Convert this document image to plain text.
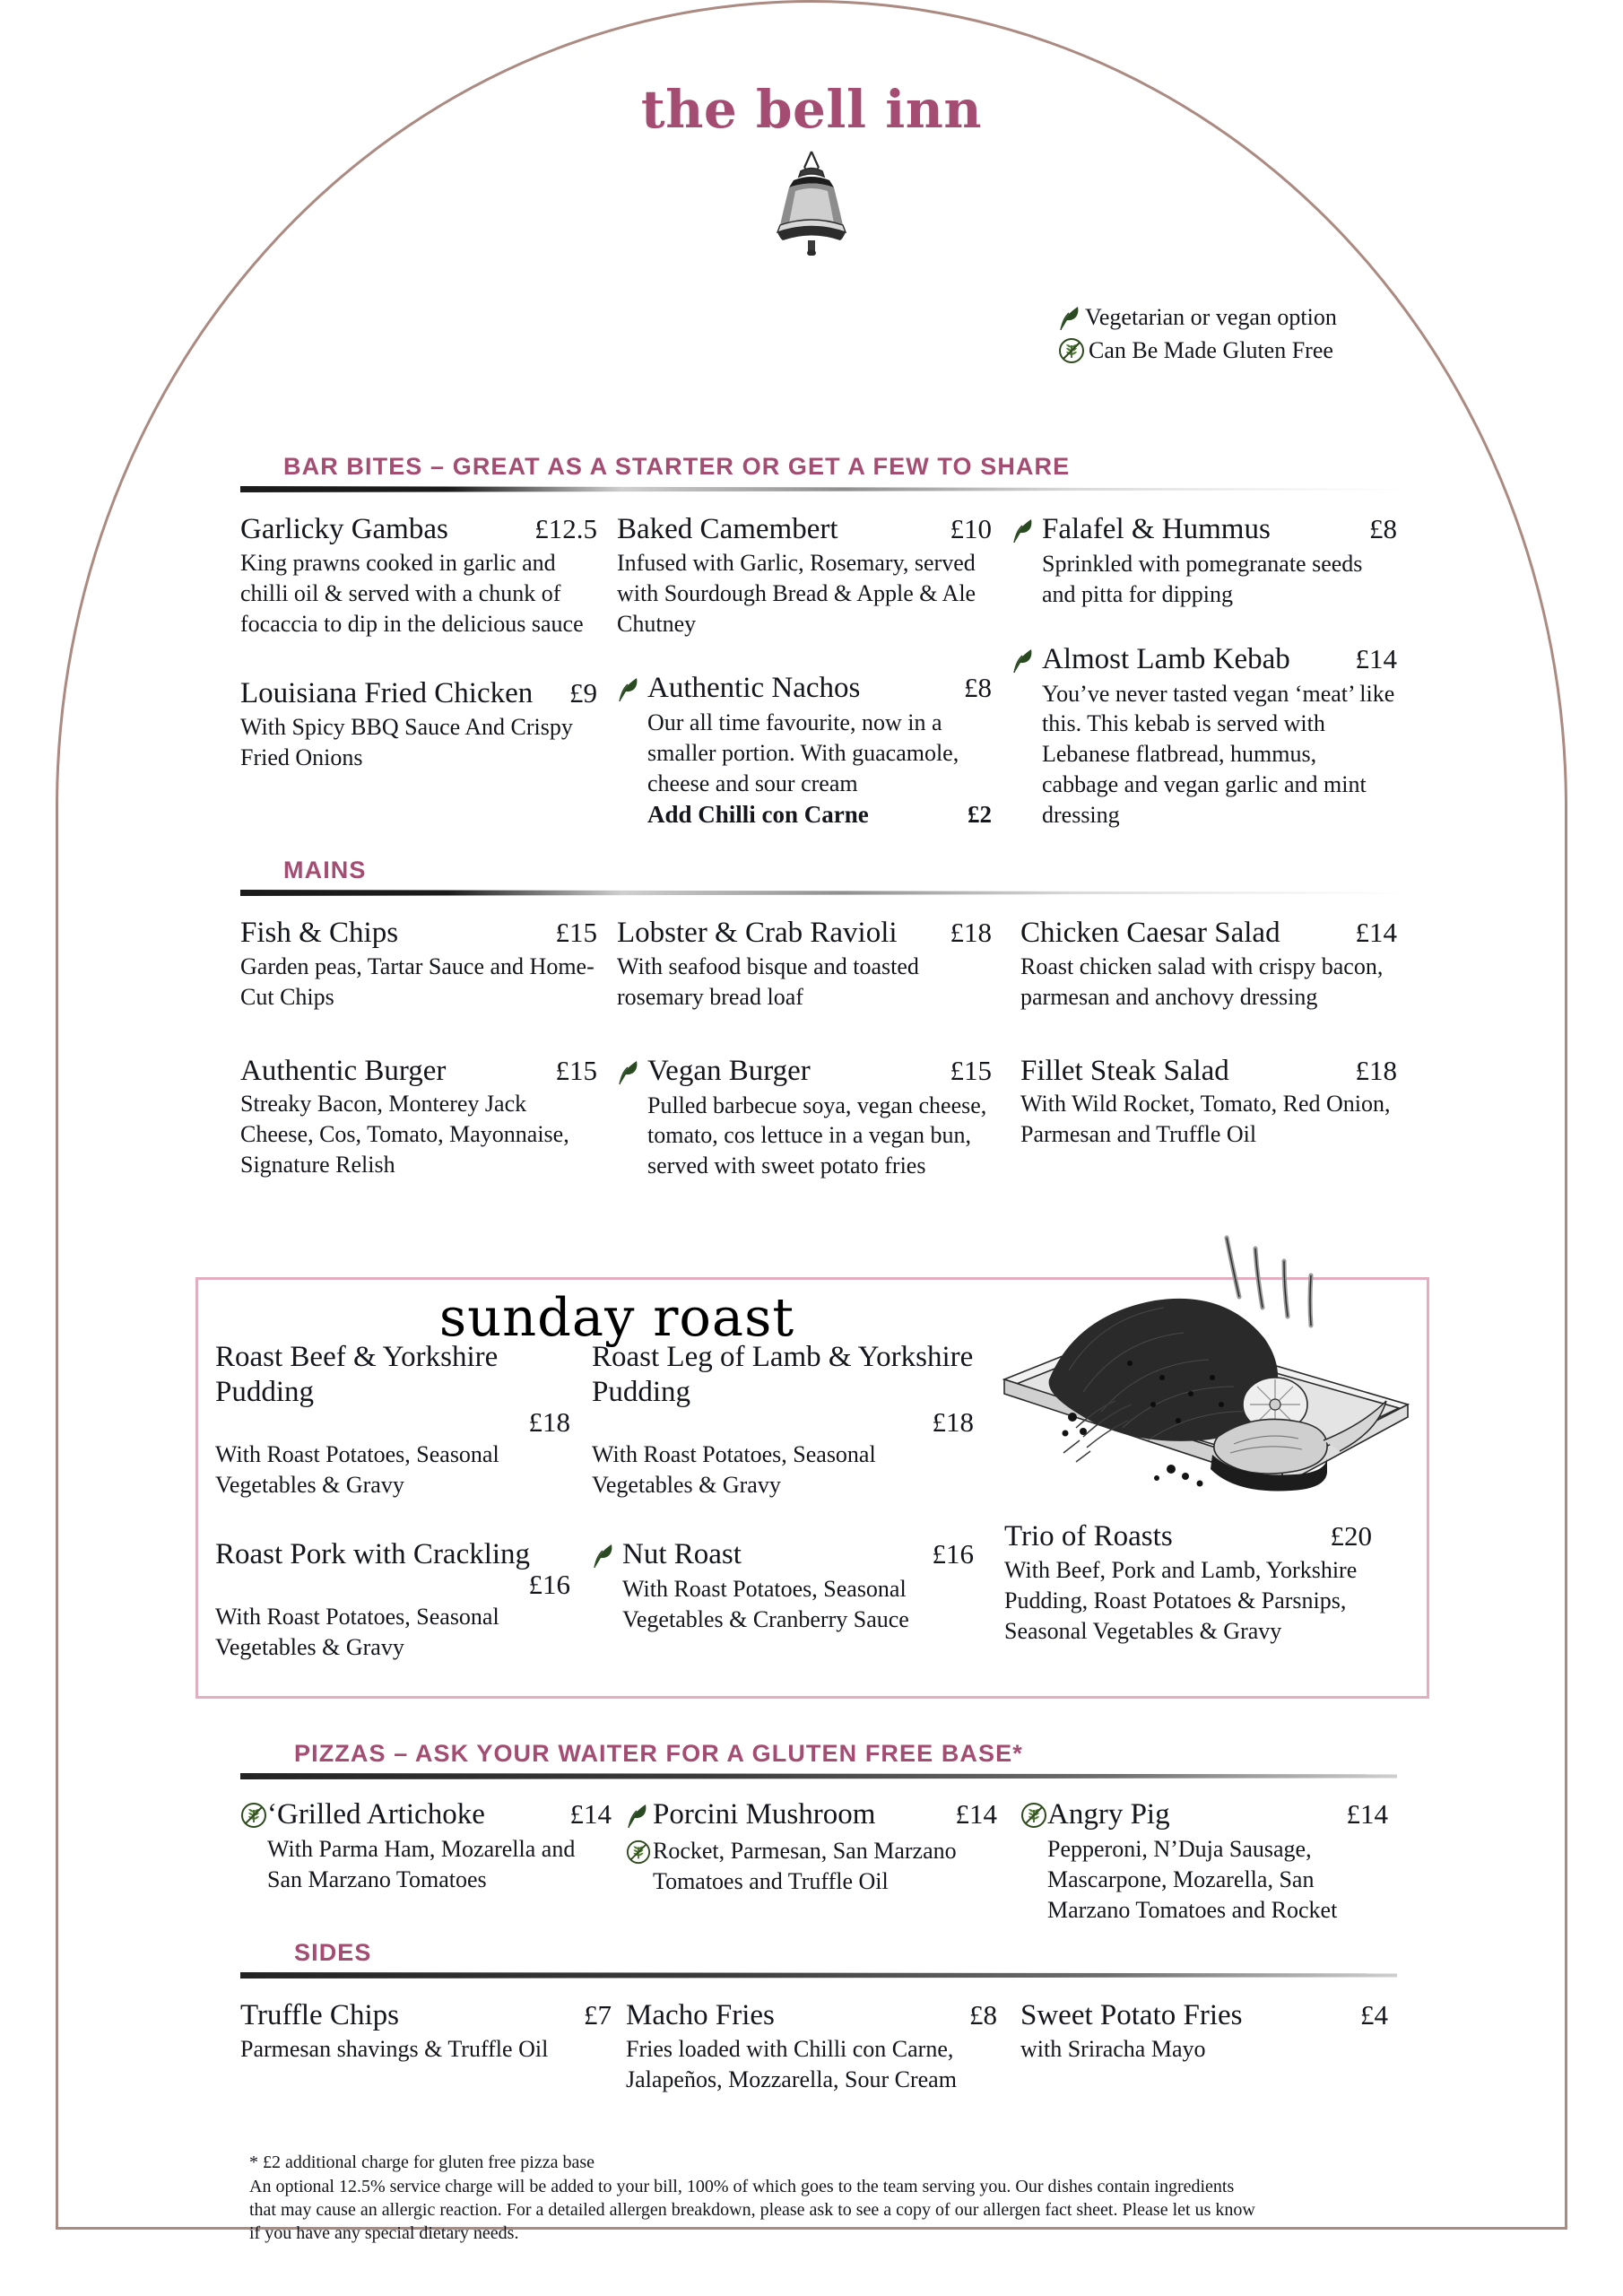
the bell inn
Vegetarian or vegan option
Can Be Made Gluten Free
BAR BITES – GREAT AS A STARTER OR GET A FEW TO SHARE
Garlicky Gambas	£12.5
King prawns cooked in garlic and chilli oil & served with a chunk of focaccia to dip in the delicious sauce
Louisiana Fried Chicken £9
With Spicy BBQ Sauce And Crispy Fried Onions
Baked Camembert	£10
Infused with Garlic, Rosemary, served with Sourdough Bread & Apple & Ale Chutney
Authentic Nachos	£8
Our all time favourite, now in a smaller portion. With guacamole, cheese and sour cream
Add Chilli con Carne	£2
Falafel & Hummus	£8
Sprinkled with pomegranate seeds and pitta for dipping
Almost Lamb Kebab £14
You’ve never tasted vegan ‘meat’ like this. This kebab is served with Lebanese flatbread, hummus, cabbage and vegan garlic and mint dressing
MAINS
Fish & Chips	£15
Garden peas, Tartar Sauce and Home-Cut Chips
Authentic Burger	£15
Streaky Bacon, Monterey Jack Cheese, Cos, Tomato, Mayonnaise, Signature Relish
Lobster & Crab Ravioli £18
With seafood bisque and toasted rosemary bread loaf
Vegan Burger	£15
Pulled barbecue soya, vegan cheese, tomato, cos lettuce in a vegan bun, served with sweet potato fries
Chicken Caesar Salad	£14
Roast chicken salad with crispy bacon, parmesan and anchovy dressing
Fillet Steak Salad	£18
With Wild Rocket, Tomato, Red Onion, Parmesan and Truffle Oil
sunday roast
Roast Beef & Yorkshire Pudding
£18
With Roast Potatoes, Seasonal Vegetables & Gravy
Roast Pork with Crackling
£16
With Roast Potatoes, Seasonal Vegetables & Gravy
Roast Leg of Lamb & Yorkshire Pudding
£18
With Roast Potatoes, Seasonal Vegetables & Gravy
Nut Roast	£16
With Roast Potatoes, Seasonal Vegetables & Cranberry Sauce
Trio of Roasts	£20
With Beef, Pork and Lamb, Yorkshire Pudding, Roast Potatoes & Parsnips, Seasonal Vegetables & Gravy
PIZZAS – ASK YOUR WAITER FOR A GLUTEN FREE BASE*
‘Grilled Artichoke	£14
With Parma Ham, Mozarella and San Marzano Tomatoes
Porcini Mushroom	£14
Rocket, Parmesan, San Marzano Tomatoes and Truffle Oil
Angry Pig	£14
Pepperoni, N’Duja Sausage, Mascarpone, Mozarella, San Marzano Tomatoes and Rocket
SIDES
Truffle Chips	£7
Parmesan shavings & Truffle Oil
Macho Fries	£8
Fries loaded with Chilli con Carne, Jalapeños, Mozzarella, Sour Cream
Sweet Potato Fries	£4
with Sriracha Mayo
* £2 additional charge for gluten free pizza base
An optional 12.5% service charge will be added to your bill, 100% of which goes to the team serving you. Our dishes contain ingredients
that may cause an allergic reaction. For a detailed allergen breakdown, please ask to see a copy of our allergen fact sheet. Please let us know
if you have any special dietary needs.
